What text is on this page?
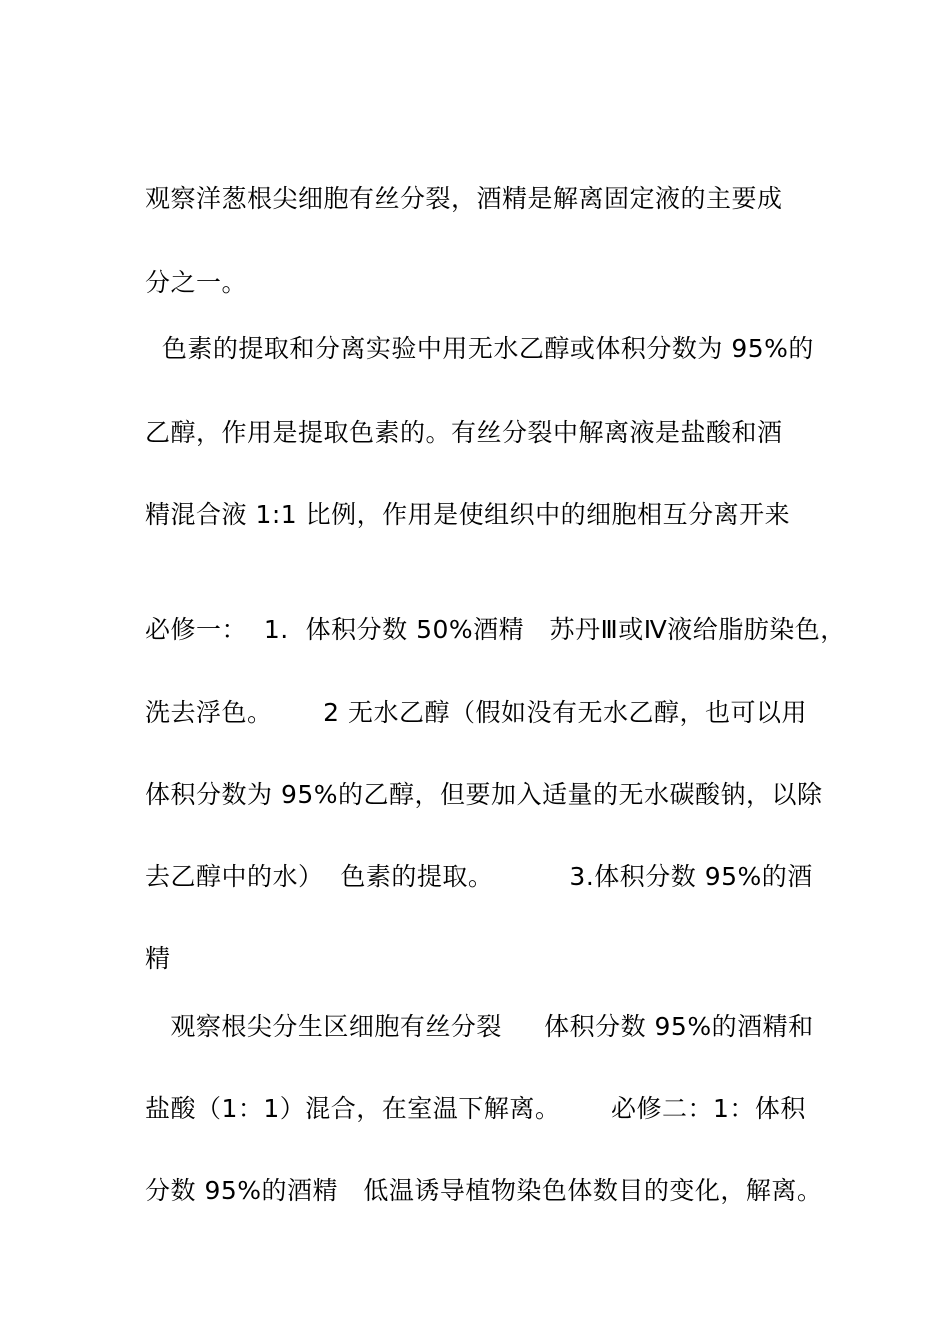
观察洋葱根尖细胞有丝分裂，酒精是解离固定液的主要成
分之一。
色素的提取和分离实验中用无水乙醇或体积分数为 95%的
乙醇，作用是提取色素的。有丝分裂中解离液是盐酸和酒
精混合液 1:1 比例，作用是使组织中的细胞相互分离开来
必修一：  1.  体积分数 50%酒精   苏丹Ⅲ或Ⅳ液给脂肪染色，
洗去浮色。      2 无水乙醇（假如没有无水乙醇，也可以用
体积分数为 95%的乙醇，但要加入适量的无水碳酸钠，以除
去乙醇中的水）  色素的提取。         3.体积分数 95%的酒
精
观察根尖分生区细胞有丝分裂     体积分数 95%的酒精和
盐酸（1：1）混合，在室温下解离。      必修二：1：体积
分数 95%的酒精   低温诱导植物染色体数目的变化，解离。
